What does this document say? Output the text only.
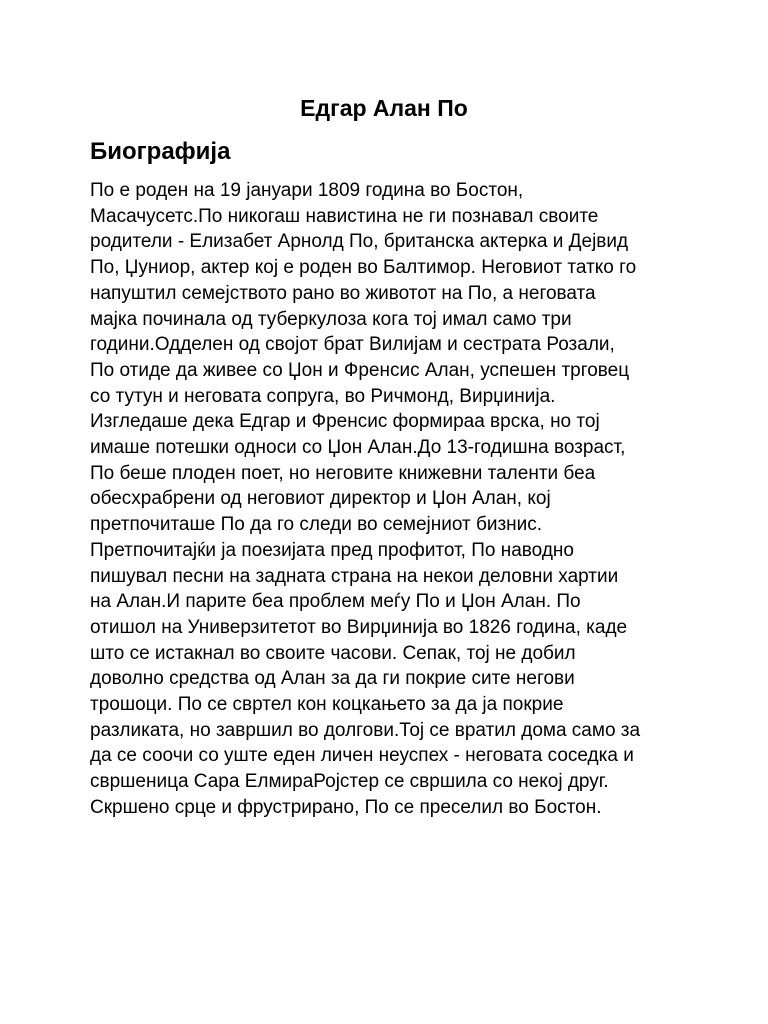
Едгар Алан По
Биографија

По е роден на 19 јануари 1809 година во Бостон,
Масачусетс.По никогаш навистина не ги познавал своите
родители - Елизабет Арнолд По, британска актерка и Дејвид
По, Џуниор, актер кој е роден во Балтимор. Неговиот татко го
напуштил семејството рано во животот на По, а неговата
мајка починала од туберкулоза кога тој имал само три
години.Одделен од својот брат Вилијам и сестрата Розали,
По отиде да живее со Џон и Френсис Алан, успешен трговец
со тутун и неговата сопруга, во Ричмонд, Вирџинија.
Изгледаше дека Едгар и Френсис формираа врска, но тој
имаше потешки односи со Џон Алан.До 13-годишна возраст,
По беше плоден поет, но неговите книжевни таленти беа
обесхрабрени од неговиот директор и Џон Алан, кој
претпочиташе По да го следи во семејниот бизнис.
Претпочитајќи ја поезијата пред профитот, По наводно
пишувал песни на задната страна на некои деловни хартии
на Алан.И парите беа проблем меѓу По и Џон Алан. По
отишол на Универзитетот во Вирџинија во 1826 година, каде
што се истакнал во своите часови. Сепак, тој не добил
доволно средства од Алан за да ги покрие сите негови
трошоци. По се свртел кон коцкањето за да ја покрие
разликата, но завршил во долгови.Тој се вратил дома само за
да се соочи со уште еден личен неуспех - неговата соседка и
свршеница Сара ЕлмираРојстер се свршила со некој друг.
Скршено срце и фрустрирано, По се преселил во Бостон.
